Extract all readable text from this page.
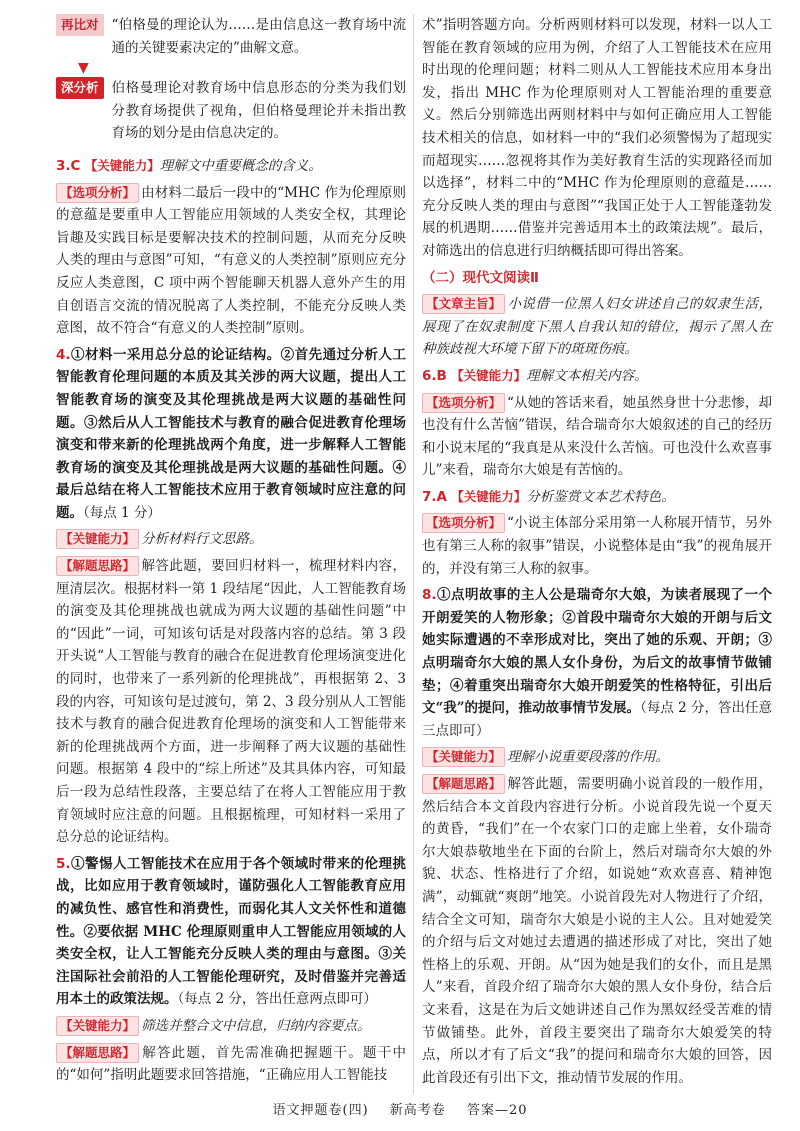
再比对 “伯格曼的理论认为……是由信息这一教育场中流通的关键要素决定的”曲解文意。

▼
深分析 伯格曼理论对教育场中信息形态的分类为我们划分教育场提供了视角，但伯格曼理论并未指出教育场的划分是由信息决定的。

3.C 【关键能力】理解文中重要概念的含义。

【选项分析】 由材料二最后一段中的“MHC 作为伦理原则的意蕴是要重申人工智能应用领域的人类安全权，其理论旨趣及实践目标是要解决技术的控制问题，从而充分反映人类的理由与意图”可知，“有意义的人类控制”原则应充分反应人类意图，C 项中两个智能聊天机器人意外产生的用自创语言交流的情况脱离了人类控制，不能充分反映人类意图，故不符合“有意义的人类控制”原则。

4.①材料一采用总分总的论证结构。②首先通过分析人工智能教育伦理问题的本质及其关涉的两大议题，提出人工智能教育场的演变及其伦理挑战是两大议题的基础性问题。③然后从人工智能技术与教育的融合促进教育伦理场演变和带来新的伦理挑战两个角度，进一步解释人工智能教育场的演变及其伦理挑战是两大议题的基础性问题。④最后总结在将人工智能技术应用于教育领域时应注意的问题。（每点 1 分）

【关键能力】 分析材料行文思路。

【解题思路】 解答此题，要回归材料一，梳理材料内容，厘清层次。根据材料一第 1 段结尾“因此，人工智能教育场的演变及其伦理挑战也就成为两大议题的基础性问题”中的“因此”一词，可知该句话是对段落内容的总结。第 3 段开头说“人工智能与教育的融合在促进教育伦理场演变进化的同时，也带来了一系列新的伦理挑战”，再根据第 2、3 段的内容，可知该句是过渡句，第 2、3 段分别从人工智能技术与教育的融合促进教育伦理场的演变和人工智能带来新的伦理挑战两个方面，进一步阐释了两大议题的基础性问题。根据第 4 段中的“综上所述”及其具体内容，可知最后一段为总结性段落，主要总结了在将人工智能应用于教育领域时应注意的问题。且根据梳理，可知材料一采用了总分总的论证结构。

5.①警惕人工智能技术在应用于各个领域时带来的伦理挑战，比如应用于教育领域时，谨防强化人工智能教育应用的减负性、感官性和消费性，而弱化其人文关怀性和道德性。②要依据 MHC 伦理原则重申人工智能应用领域的人类安全权，让人工智能充分反映人类的理由与意图。③关注国际社会前沿的人工智能伦理研究，及时借鉴并完善适用本土的政策法规。（每点 2 分，答出任意两点即可）

【关键能力】 筛选并整合文中信息，归纳内容要点。

【解题思路】 解答此题，首先需准确把握题干。题干中的“如何”指明此题要求回答措施，“正确应用人工智能技

术”指明答题方向。分析两则材料可以发现，材料一以人工智能在教育领域的应用为例，介绍了人工智能技术在应用时出现的伦理问题；材料二则从人工智能技术应用本身出发，指出 MHC 作为伦理原则对人工智能治理的重要意义。然后分别筛选出两则材料中与如何正确应用人工智能技术相关的信息，如材料一中的“我们必须警惕为了超现实而超现实……忽视将其作为美好教育生活的实现路径而加以选择”，材料二中的“MHC 作为伦理原则的意蕴是……充分反映人类的理由与意图”“我国正处于人工智能蓬勃发展的机遇期……借鉴并完善适用本土的政策法规”。最后，对筛选出的信息进行归纳概括即可得出答案。

（二）现代文阅读Ⅱ

【文章主旨】 小说借一位黑人妇女讲述自己的奴隶生活，展现了在奴隶制度下黑人自我认知的错位，揭示了黑人在种族歧视大环境下留下的斑斑伤痕。

6.B 【关键能力】理解文本相关内容。

【选项分析】 “从她的答话来看，她虽然身世十分悲惨，却也没有什么苦恼”错误，结合瑞奇尔大娘叙述的自己的经历和小说末尾的“我真是从来没什么苦恼。可也没什么欢喜事儿”来看，瑞奇尔大娘是有苦恼的。

7.A 【关键能力】分析鉴赏文本艺术特色。

【选项分析】 “小说主体部分采用第一人称展开情节，另外也有第三人称的叙事”错误，小说整体是由“我”的视角展开的，并没有第三人称的叙事。

8.①点明故事的主人公是瑞奇尔大娘，为读者展现了一个开朗爱笑的人物形象；②首段中瑞奇尔大娘的开朗与后文她实际遭遇的不幸形成对比，突出了她的乐观、开朗；③点明瑞奇尔大娘的黑人女仆身份，为后文的故事情节做铺垫；④着重突出瑞奇尔大娘开朗爱笑的性格特征，引出后文“我”的提问，推动故事情节发展。（每点 2 分，答出任意三点即可）

【关键能力】 理解小说重要段落的作用。

【解题思路】 解答此题，需要明确小说首段的一般作用，然后结合本文首段内容进行分析。小说首段先说一个夏天的黄昏，“我们”在一个农家门口的走廊上坐着，女仆瑞奇尔大娘恭敬地坐在下面的台阶上，然后对瑞奇尔大娘的外貌、状态、性格进行了介绍，如说她“欢欢喜喜、精神饱满”，动辄就“爽朗”地笑。小说首段先对人物进行了介绍，结合全文可知，瑞奇尔大娘是小说的主人公。且对她爱笑的介绍与后文对她过去遭遇的描述形成了对比，突出了她性格上的乐观、开朗。从“因为她是我们的女仆，而且是黑人”来看，首段介绍了瑞奇尔大娘的黑人女仆身份，结合后文来看，这是在为后文她讲述自己作为黑奴经受苦难的情节做铺垫。此外，首段主要突出了瑞奇尔大娘爱笑的特点，所以才有了后文“我”的提问和瑞奇尔大娘的回答，因此首段还有引出下文，推动情节发展的作用。

语文押题卷(四) 新高考卷 答案—20
